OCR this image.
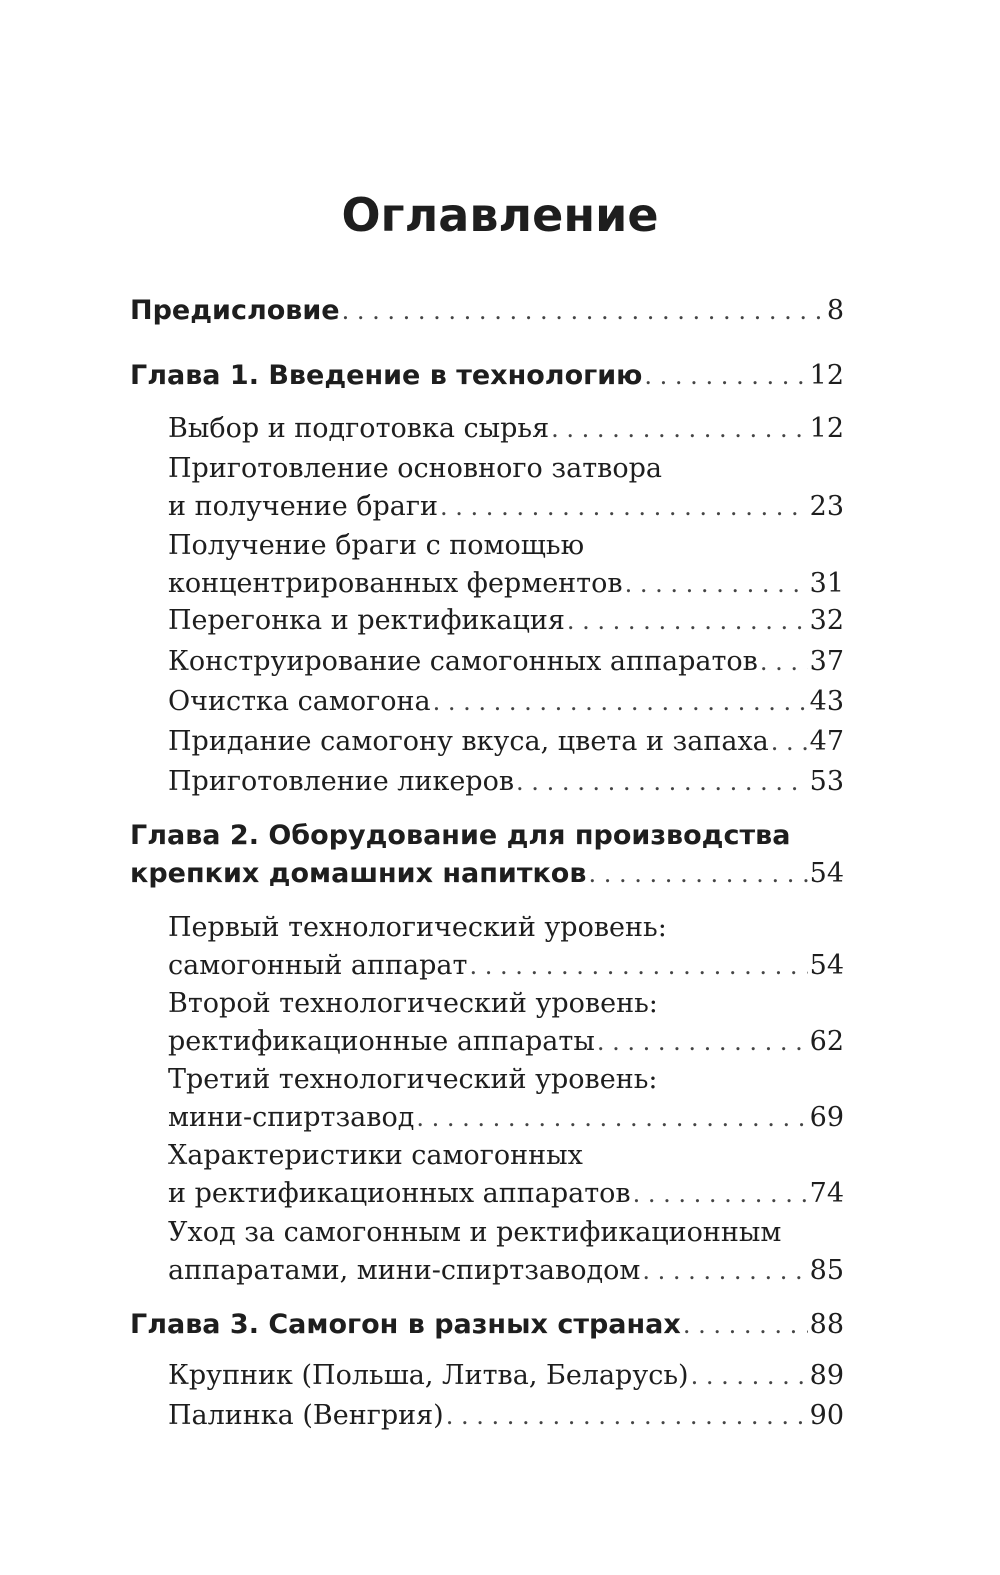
Оглавление
Предисловие . . .	8
Глава 1. Введение в технологию . . .	12
Выбор и подготовка сырья . . .	12
Приготовление основного затвора
и получение браги . . .	23
Получение браги с помощью
концентрированных ферментов . . .	31
Перегонка и ректификация . . .	32
Конструирование самогонных аппаратов . . . 37
Очистка самогона . . .	43
Придание самогону вкуса, цвета и запаха . . . 47
Приготовление ликеров . . .	53
Глава 2. Оборудование для производства
крепких домашних напитков . . .	54
Первый технологический уровень:
самогонный аппарат . . .	54
Второй технологический уровень:
ректификационные аппараты . . .	62
Третий технологический уровень:
мини-спиртзавод . . .	69
Характеристики самогонных
и ректификационных аппаратов . . .	74
Уход за самогонным и ректификационным
аппаратами, мини-спиртзаводом . . .	85
Глава 3. Самогон в разных странах . . .	88
Крупник (Польша, Литва, Беларусь) . . .	89
Палинка (Венгрия) . . .	90
